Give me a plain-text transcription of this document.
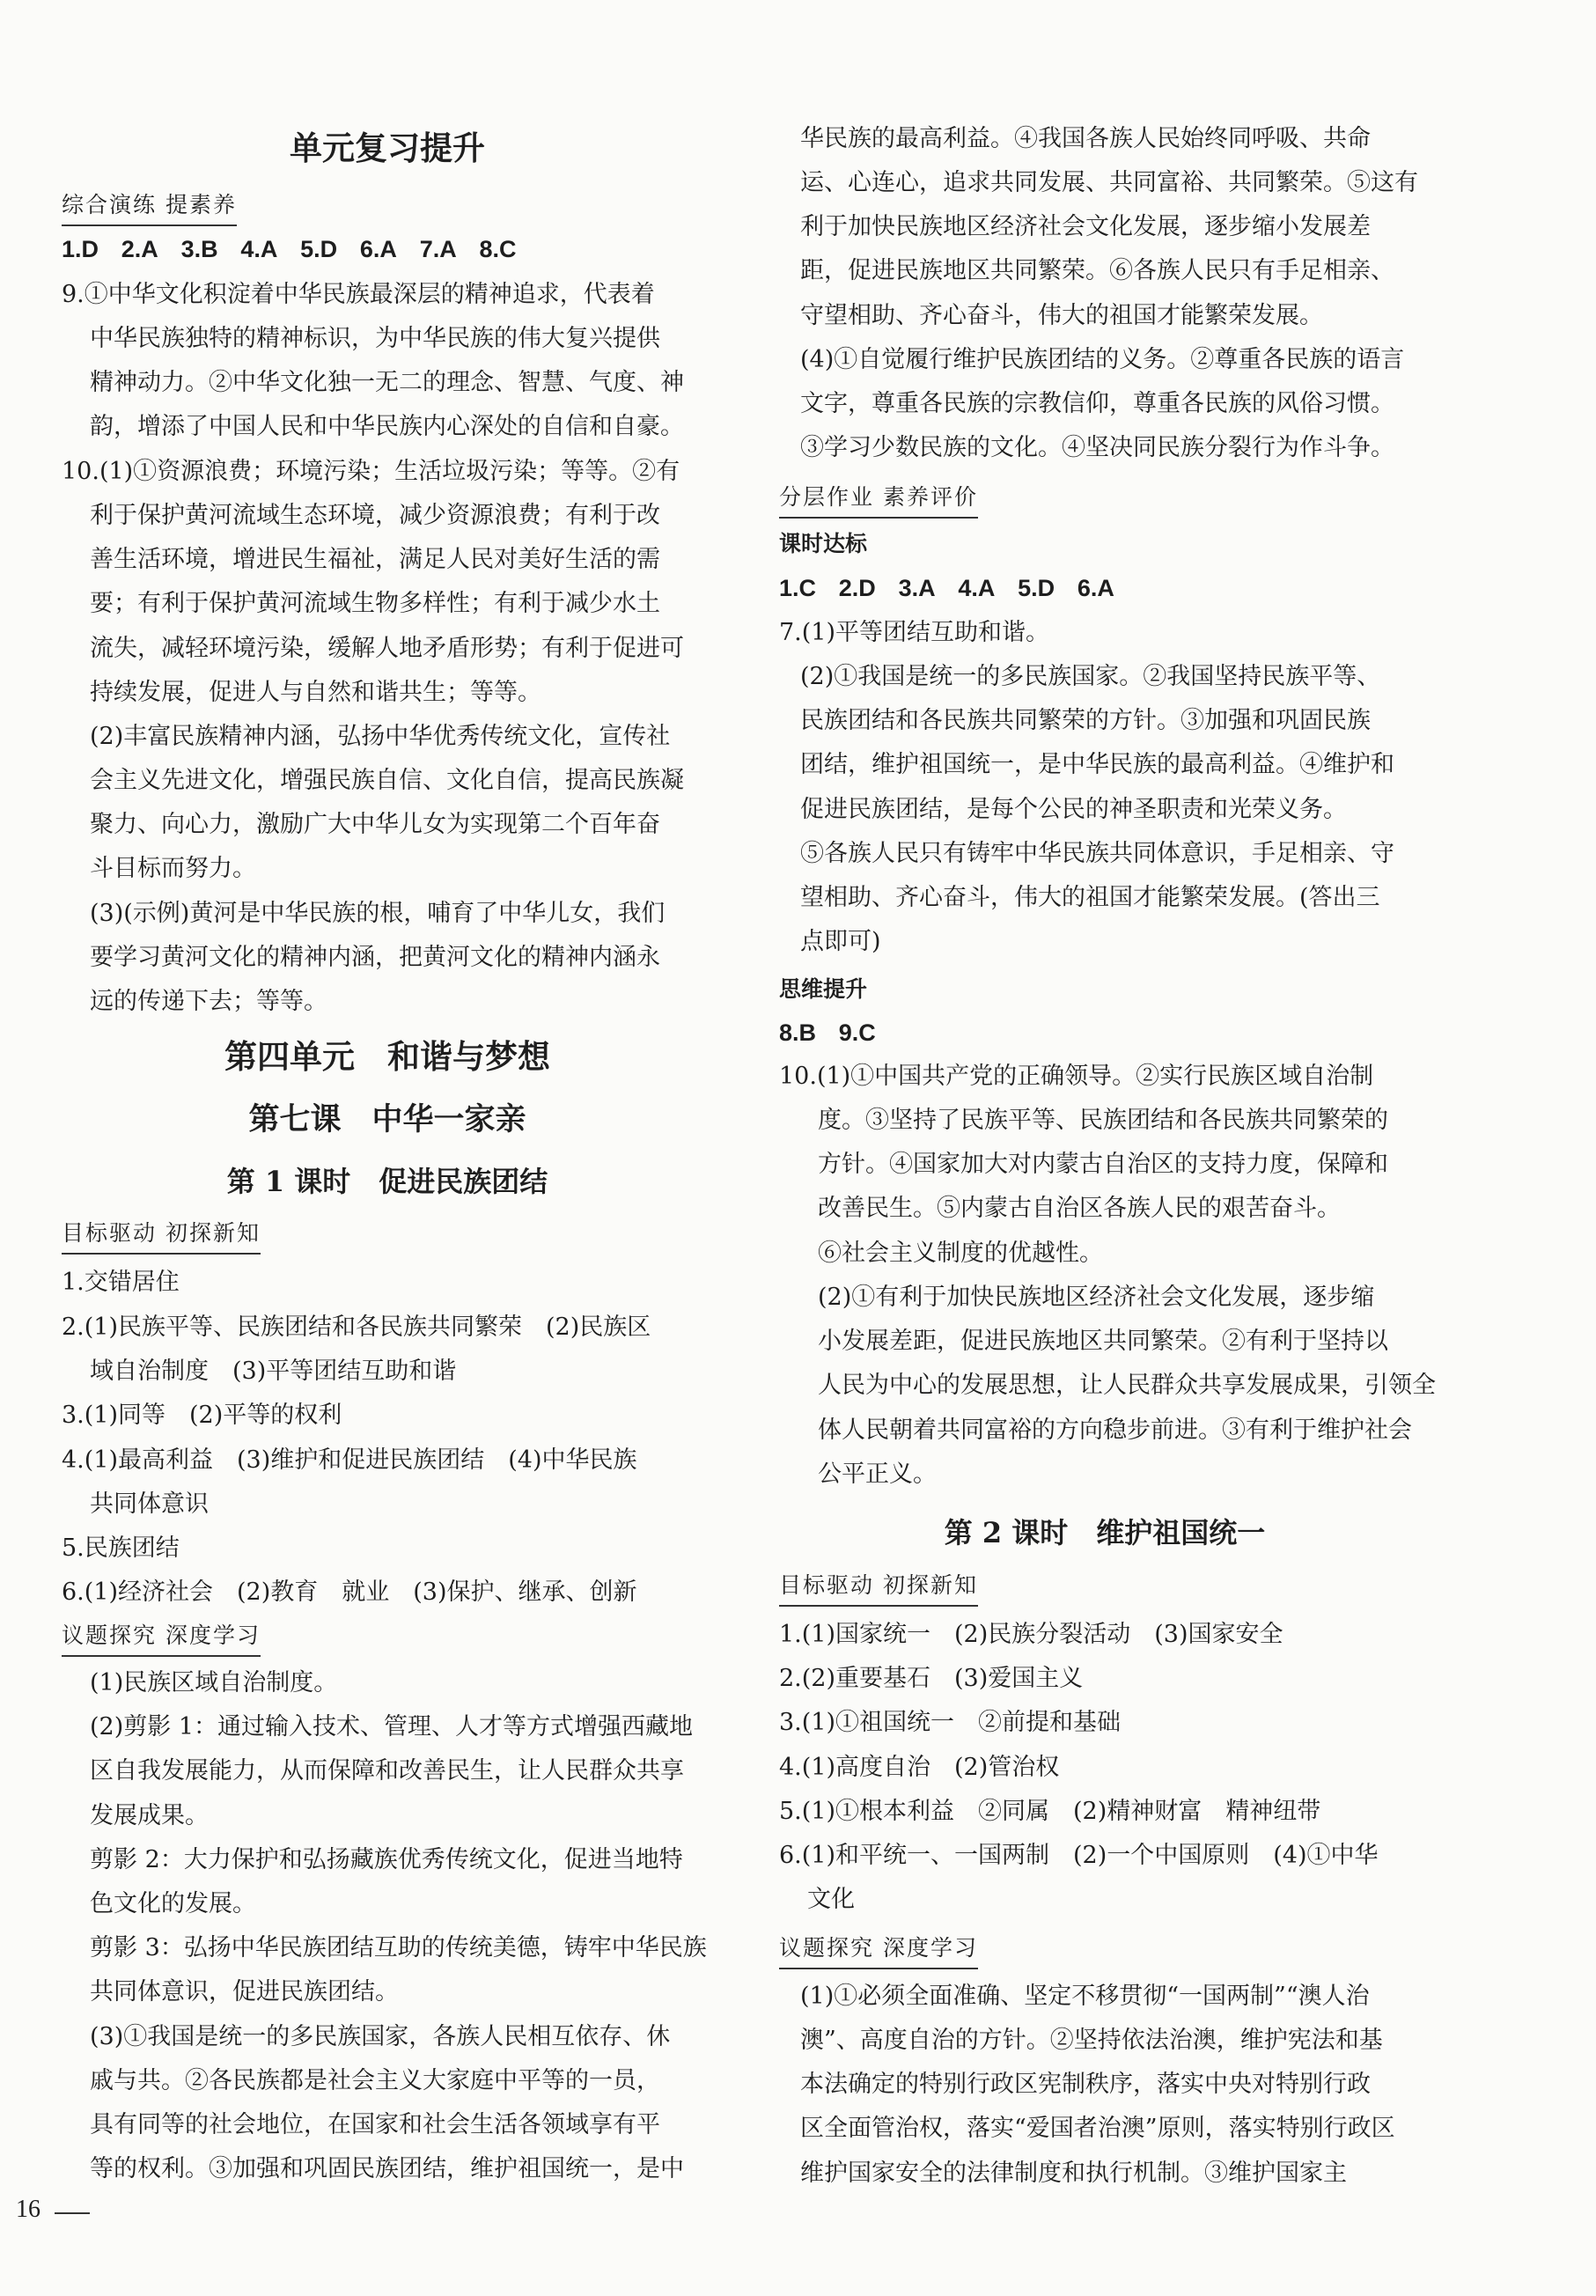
单元复习提升
综合演练 提素养
1.D 2.A 3.B 4.A 5.D 6.A 7.A 8.C
9.①中华文化积淀着中华民族最深层的精神追求，代表着
中华民族独特的精神标识，为中华民族的伟大复兴提供
精神动力。②中华文化独一无二的理念、智慧、气度、神
韵，增添了中国人民和中华民族内心深处的自信和自豪。
10.(1)①资源浪费；环境污染；生活垃圾污染；等等。②有
利于保护黄河流域生态环境，减少资源浪费；有利于改
善生活环境，增进民生福祉，满足人民对美好生活的需
要；有利于保护黄河流域生物多样性；有利于减少水土
流失，减轻环境污染，缓解人地矛盾形势；有利于促进可
持续发展，促进人与自然和谐共生；等等。
(2)丰富民族精神内涵，弘扬中华优秀传统文化，宣传社
会主义先进文化，增强民族自信、文化自信，提高民族凝
聚力、向心力，激励广大中华儿女为实现第二个百年奋
斗目标而努力。
(3)(示例)黄河是中华民族的根，哺育了中华儿女，我们
要学习黄河文化的精神内涵，把黄河文化的精神内涵永
远的传递下去；等等。
第四单元　和谐与梦想
第七课　中华一家亲
第 1 课时　促进民族团结
目标驱动 初探新知
1.交错居住
2.(1)民族平等、民族团结和各民族共同繁荣　(2)民族区
域自治制度　(3)平等团结互助和谐
3.(1)同等　(2)平等的权利
4.(1)最高利益　(3)维护和促进民族团结　(4)中华民族
共同体意识
5.民族团结
6.(1)经济社会　(2)教育　就业　(3)保护、继承、创新
议题探究 深度学习
(1)民族区域自治制度。
(2)剪影 1：通过输入技术、管理、人才等方式增强西藏地
区自我发展能力，从而保障和改善民生，让人民群众共享
发展成果。
剪影 2：大力保护和弘扬藏族优秀传统文化，促进当地特
色文化的发展。
剪影 3：弘扬中华民族团结互助的传统美德，铸牢中华民族
共同体意识，促进民族团结。
(3)①我国是统一的多民族国家，各族人民相互依存、休
戚与共。②各民族都是社会主义大家庭中平等的一员，
具有同等的社会地位，在国家和社会生活各领域享有平
等的权利。③加强和巩固民族团结，维护祖国统一，是中
华民族的最高利益。④我国各族人民始终同呼吸、共命
运、心连心，追求共同发展、共同富裕、共同繁荣。⑤这有
利于加快民族地区经济社会文化发展，逐步缩小发展差
距，促进民族地区共同繁荣。⑥各族人民只有手足相亲、
守望相助、齐心奋斗，伟大的祖国才能繁荣发展。
(4)①自觉履行维护民族团结的义务。②尊重各民族的语言
文字，尊重各民族的宗教信仰，尊重各民族的风俗习惯。
③学习少数民族的文化。④坚决同民族分裂行为作斗争。
分层作业 素养评价
课时达标
1.C 2.D 3.A 4.A 5.D 6.A
7.(1)平等团结互助和谐。
(2)①我国是统一的多民族国家。②我国坚持民族平等、
民族团结和各民族共同繁荣的方针。③加强和巩固民族
团结，维护祖国统一，是中华民族的最高利益。④维护和
促进民族团结，是每个公民的神圣职责和光荣义务。
⑤各族人民只有铸牢中华民族共同体意识，手足相亲、守
望相助、齐心奋斗，伟大的祖国才能繁荣发展。(答出三
点即可)
思维提升
8.B 9.C
10.(1)①中国共产党的正确领导。②实行民族区域自治制
度。③坚持了民族平等、民族团结和各民族共同繁荣的
方针。④国家加大对内蒙古自治区的支持力度，保障和
改善民生。⑤内蒙古自治区各族人民的艰苦奋斗。
⑥社会主义制度的优越性。
(2)①有利于加快民族地区经济社会文化发展，逐步缩
小发展差距，促进民族地区共同繁荣。②有利于坚持以
人民为中心的发展思想，让人民群众共享发展成果，引领全
体人民朝着共同富裕的方向稳步前进。③有利于维护社会
公平正义。
第 2 课时　维护祖国统一
目标驱动 初探新知
1.(1)国家统一　(2)民族分裂活动　(3)国家安全
2.(2)重要基石　(3)爱国主义
3.(1)①祖国统一　②前提和基础
4.(1)高度自治　(2)管治权
5.(1)①根本利益　②同属　(2)精神财富　精神纽带
6.(1)和平统一、一国两制　(2)一个中国原则　(4)①中华
文化
议题探究 深度学习
(1)①必须全面准确、坚定不移贯彻“一国两制”“澳人治
澳”、高度自治的方针。②坚持依法治澳，维护宪法和基
本法确定的特别行政区宪制秩序，落实中央对特别行政
区全面管治权，落实“爱国者治澳”原则，落实特别行政区
维护国家安全的法律制度和执行机制。③维护国家主
16
